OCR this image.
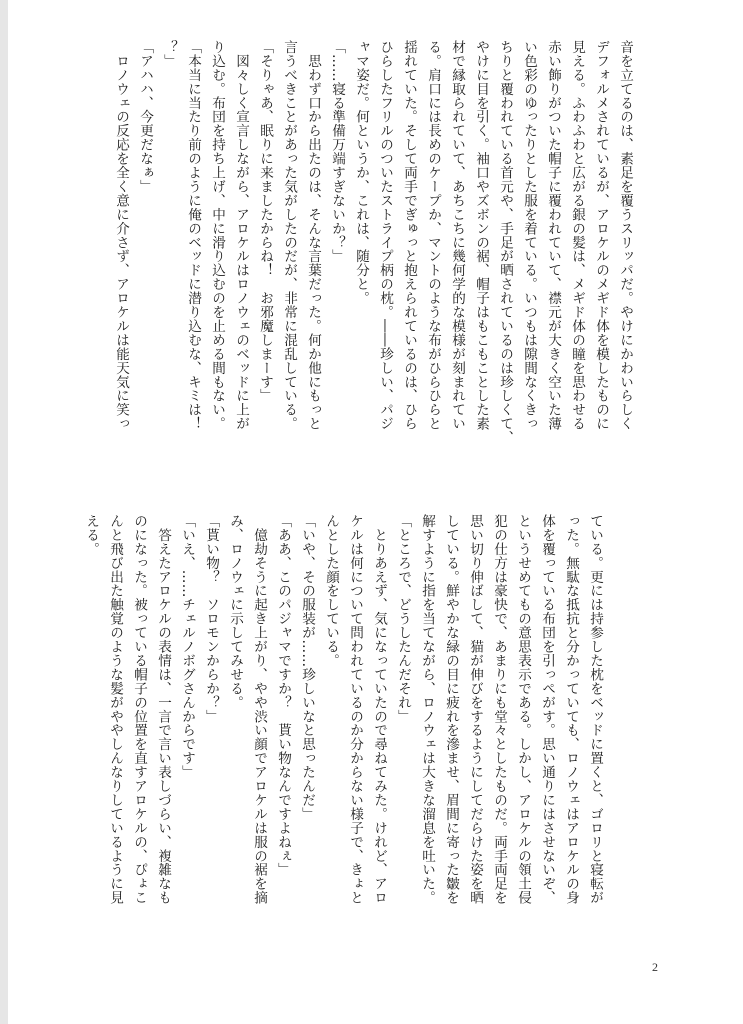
音を立てるのは、素足を覆うスリッパだ。やけにかわいらしく
デフォルメされているが、アロケルのメギド体を模したものに
見える。ふわふわと広がる銀の髪は、メギド体の瞳を思わせる
赤い飾りがついた帽子に覆われていて、襟元が大きく空いた薄
い色彩のゆったりとした服を着ている。いつもは隙間なくきっ
ちりと覆われている首元や、手足が晒されているのは珍しくて、
やけに目を引く。袖口やズボンの裾、帽子はもこもことした素
材で縁取られていて、あちこちに幾何学的な模様が刻まれてい
る。肩口には長めのケープか、マントのような布がひらひらと
揺れていた。そして両手でぎゅっと抱えられているのは、ひら
ひらしたフリルのついたストライプ柄の枕。――珍しい、パジ
ャマ姿だ。何というか、これは、随分と。
「……寝る準備万端すぎないか？」
　思わず口から出たのは、そんな言葉だった。何か他にもっと
言うべきことがあった気がしたのだが、非常に混乱している。
「そりゃあ、眠りに来ましたからね！　お邪魔しまーす」
　図々しく宣言しながら、アロケルはロノウェのベッドに上が
り込む。布団を持ち上げ、中に滑り込むのを止める間もない。
「本当に当たり前のように俺のベッドに潜り込むな、キミは！
？」
「アハハ、今更だなぁ」
　ロノウェの反応を全く意に介さず、アロケルは能天気に笑っ
ている。更には持参した枕をベッドに置くと、ゴロリと寝転が
った。無駄な抵抗と分かっていても、ロノウェはアロケルの身
体を覆っている布団を引っぺがす。思い通りにはさせないぞ、
というせめてもの意思表示である。しかし、アロケルの領土侵
犯の仕方は豪快で、あまりにも堂々としたものだ。両手両足を
思い切り伸ばして、猫が伸びをするようにしてだらけた姿を晒
している。鮮やかな緑の目に疲れを滲ませ、眉間に寄った皺を
解すように指を当てながら、ロノウェは大きな溜息を吐いた。
「ところで、どうしたんだそれ」
　とりあえず、気になっていたので尋ねてみた。けれど、アロ
ケルは何について問われているのか分からない様子で、きょと
んとした顔をしている。
「いや、その服装が……珍しいなと思ったんだ」
「ああ、このパジャマですか？　貰い物なんですよねぇ」
　億劫そうに起き上がり、やや渋い顔でアロケルは服の裾を摘
み、ロノウェに示してみせる。
「貰い物？　ソロモンからか？」
「いえ、……チェルノボグさんからです」
　答えたアロケルの表情は、一言で言い表しづらい、複雑なも
のになった。被っている帽子の位置を直すアロケルの、ぴょこ
んと飛び出た触覚のような髪がややしんなりしているように見
える。
2
